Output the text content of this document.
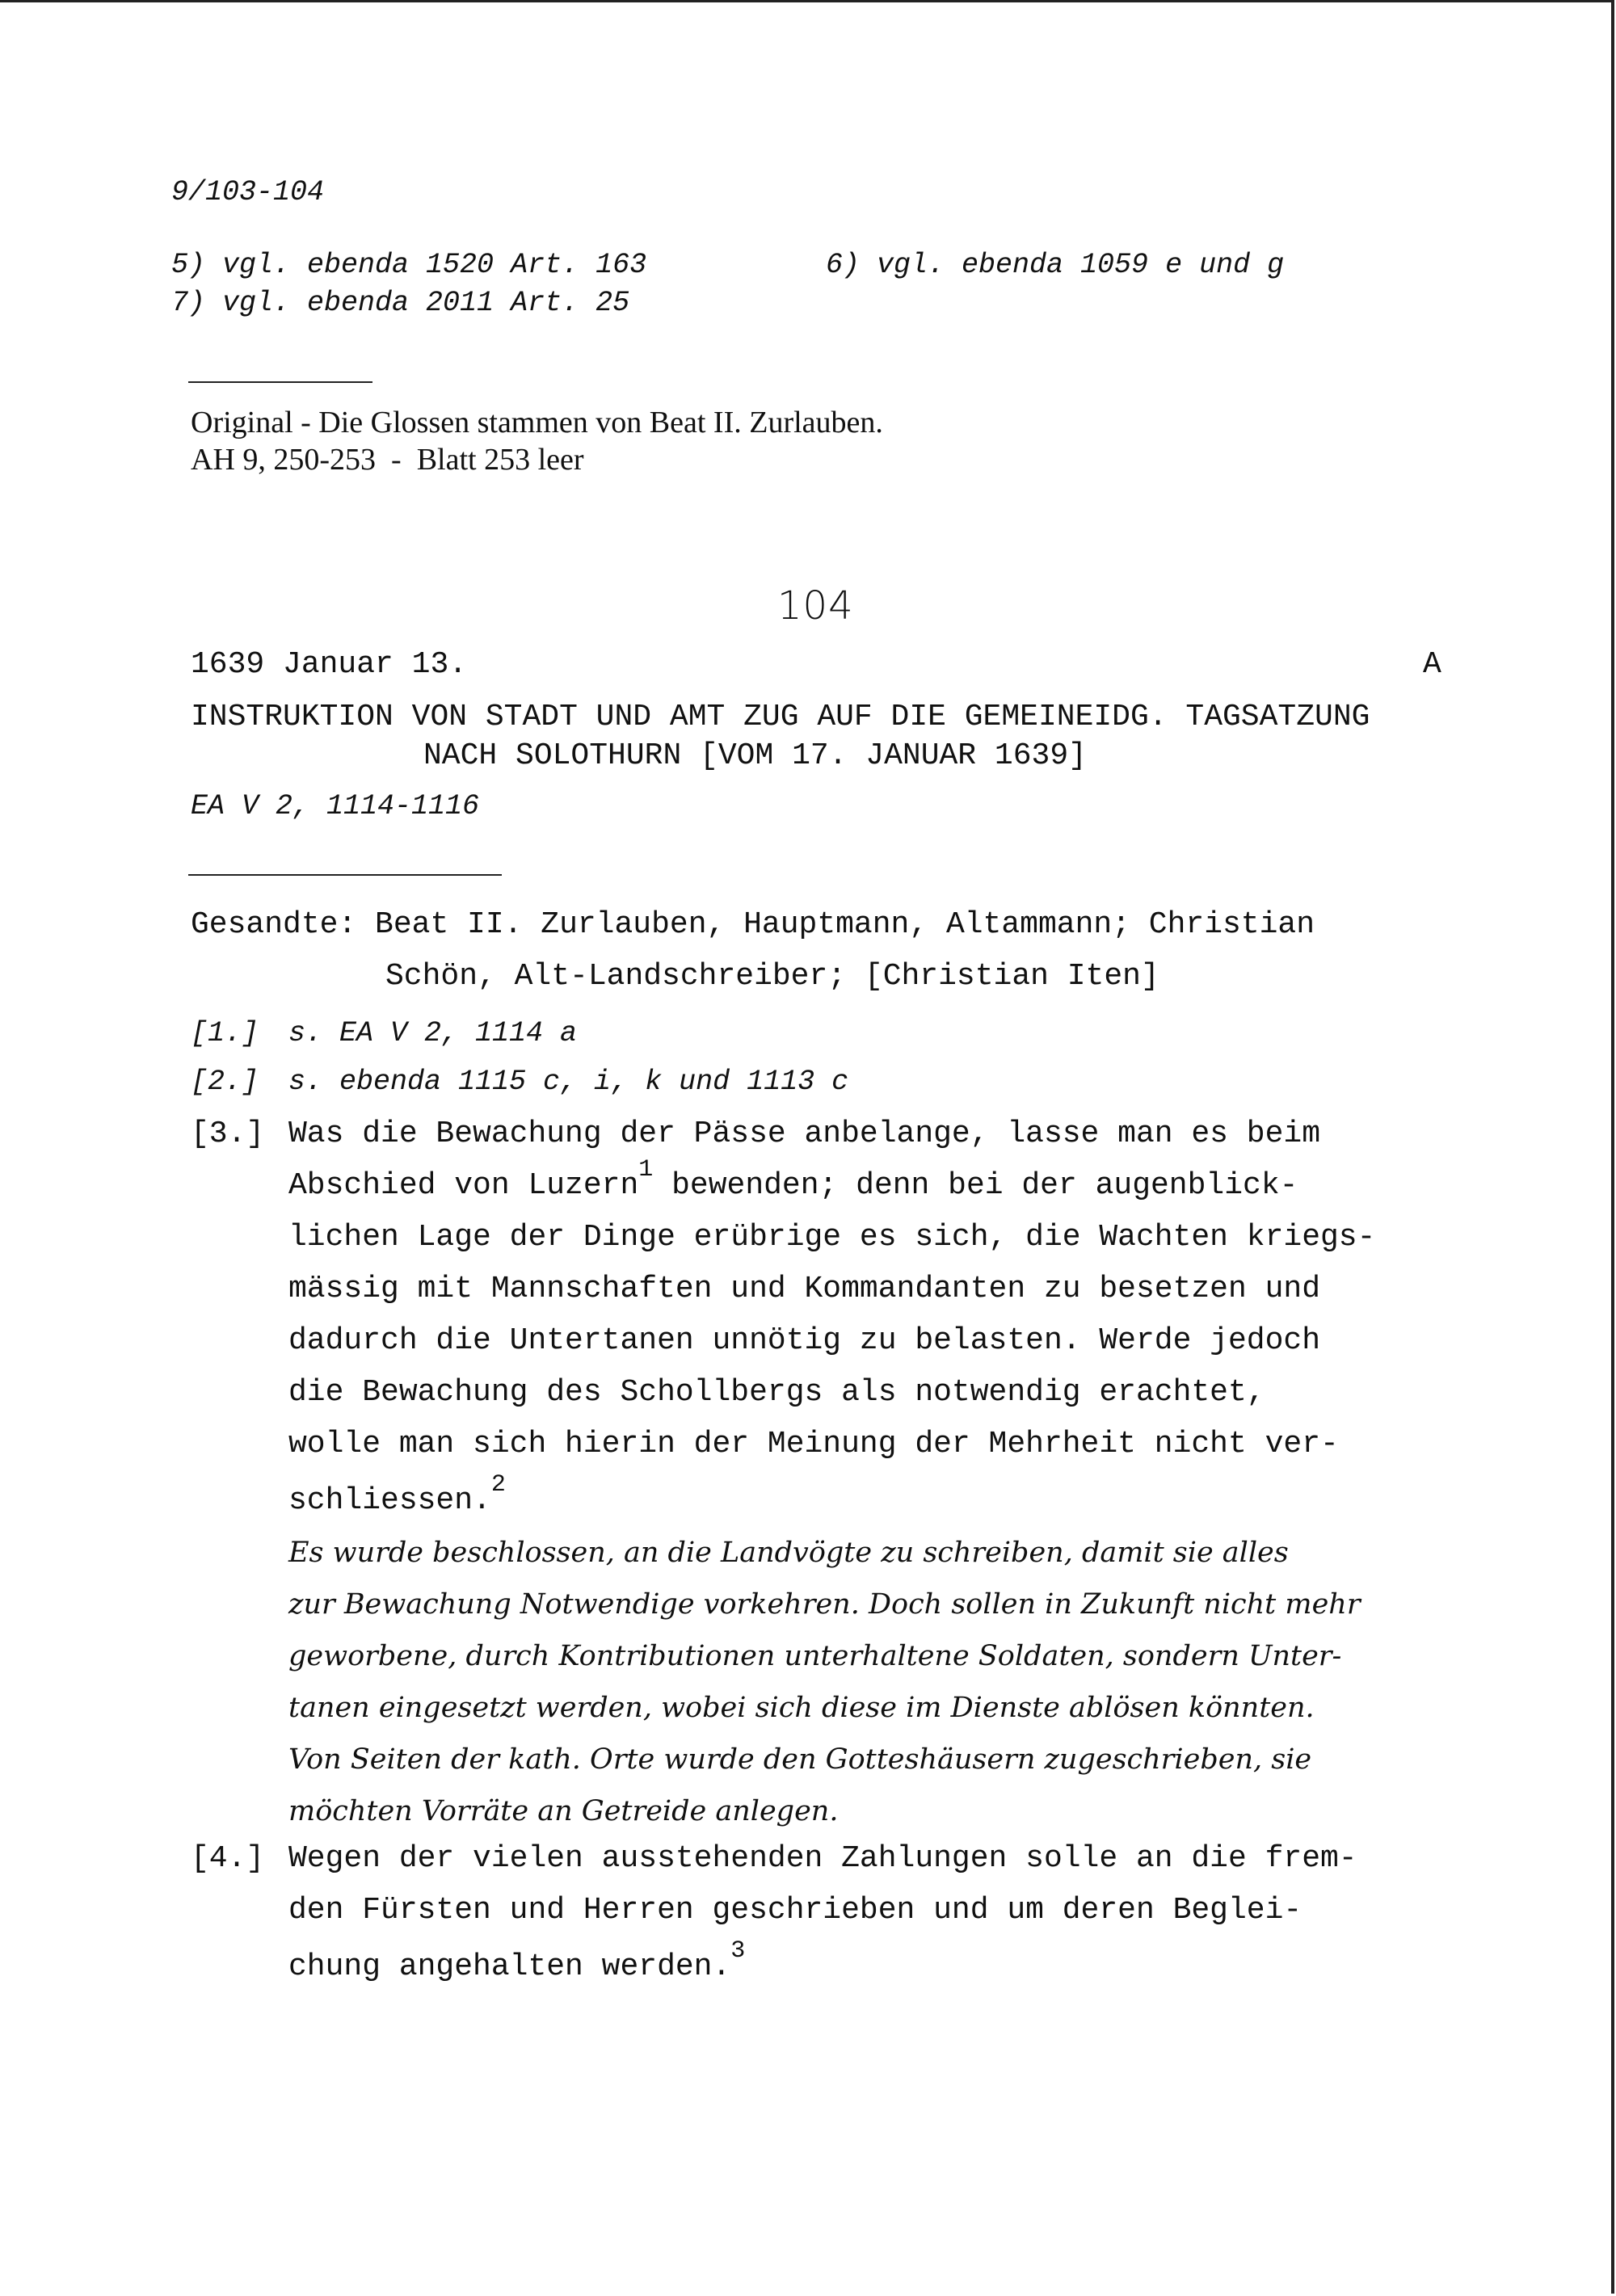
9/103-104
5) vgl. ebenda 1520 Art. 163	6) vgl. ebenda 1059 e und g
7) vgl. ebenda 2011 Art. 25
Original - Die Glossen stammen von Beat II. Zurlauben.
AH 9, 250-253  -  Blatt 253 leer
104
1639 Januar 13.	A
INSTRUKTION VON STADT UND AMT ZUG AUF DIE GEMEINEIDG. TAGSATZUNG
NACH SOLOTHURN [VOM 17. JANUAR 1639]
EA V 2, 1114-1116
Gesandte: Beat II. Zurlauben, Hauptmann, Altammann; Christian
Schön, Alt-Landschreiber; [Christian Iten]
[1.] s. EA V 2, 1114 a
[2.] s. ebenda 1115 c, i, k und 1113 c
[3.] Was die Bewachung der Pässe anbelange, lasse man es beim
Abschied von Luzern$^1$ bewenden; denn bei der augenblick-
lichen Lage der Dinge erübrige es sich, die Wachten kriegs-
mässig mit Mannschaften und Kommandanten zu besetzen und
dadurch die Untertanen unnötig zu belasten. Werde jedoch
die Bewachung des Schollbergs als notwendig erachtet,
wolle man sich hierin der Meinung der Mehrheit nicht ver-
schliessen.$^2$
Es wurde beschlossen, an die Landvögte zu schreiben, damit sie alles
zur Bewachung Notwendige vorkehren. Doch sollen in Zukunft nicht mehr
geworbene, durch Kontributionen unterhaltene Soldaten, sondern Unter-
tanen eingesetzt werden, wobei sich diese im Dienste ablösen könnten.
Von Seiten der kath. Orte wurde den Gotteshäusern zugeschrieben, sie
möchten Vorräte an Getreide anlegen.
[4.] Wegen der vielen ausstehenden Zahlungen solle an die frem-
den Fürsten und Herren geschrieben und um deren Beglei-
chung angehalten werden.$^3$
